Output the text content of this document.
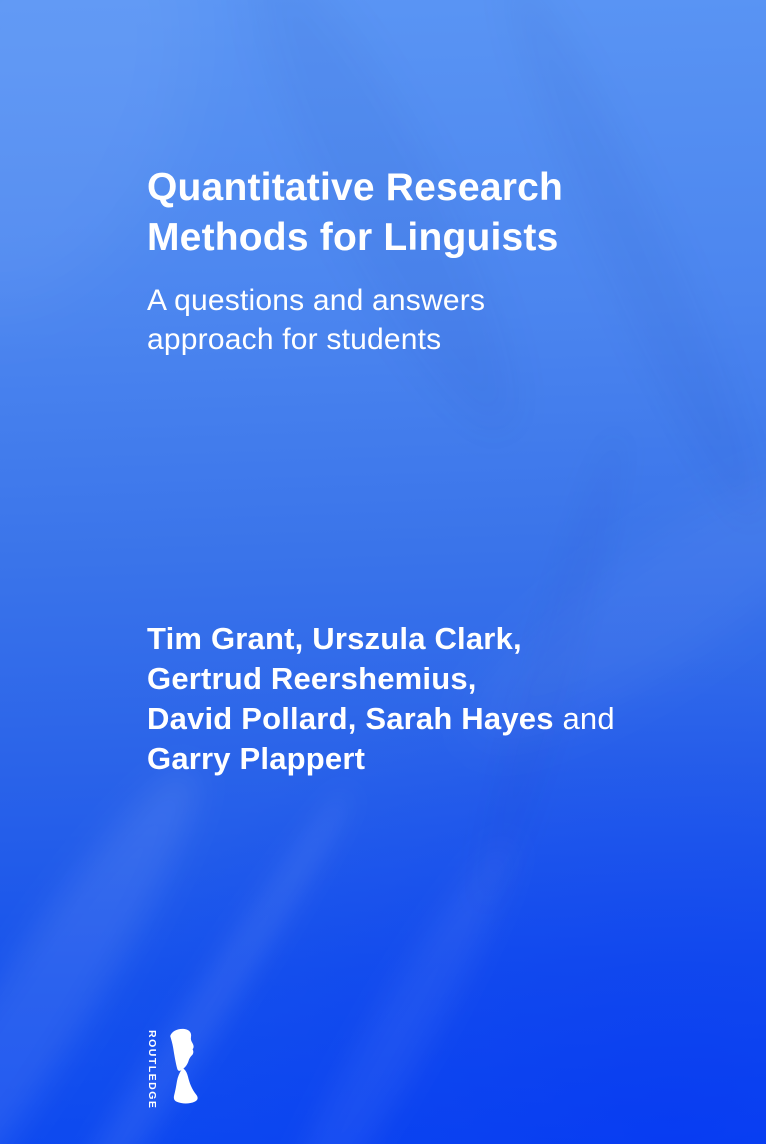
Quantitative Research
Methods for Linguists
A questions and answers
approach for students
Tim Grant, Urszula Clark,
Gertrud Reershemius,
David Pollard, Sarah Hayes and
Garry Plappert
ROUTLEDGE
